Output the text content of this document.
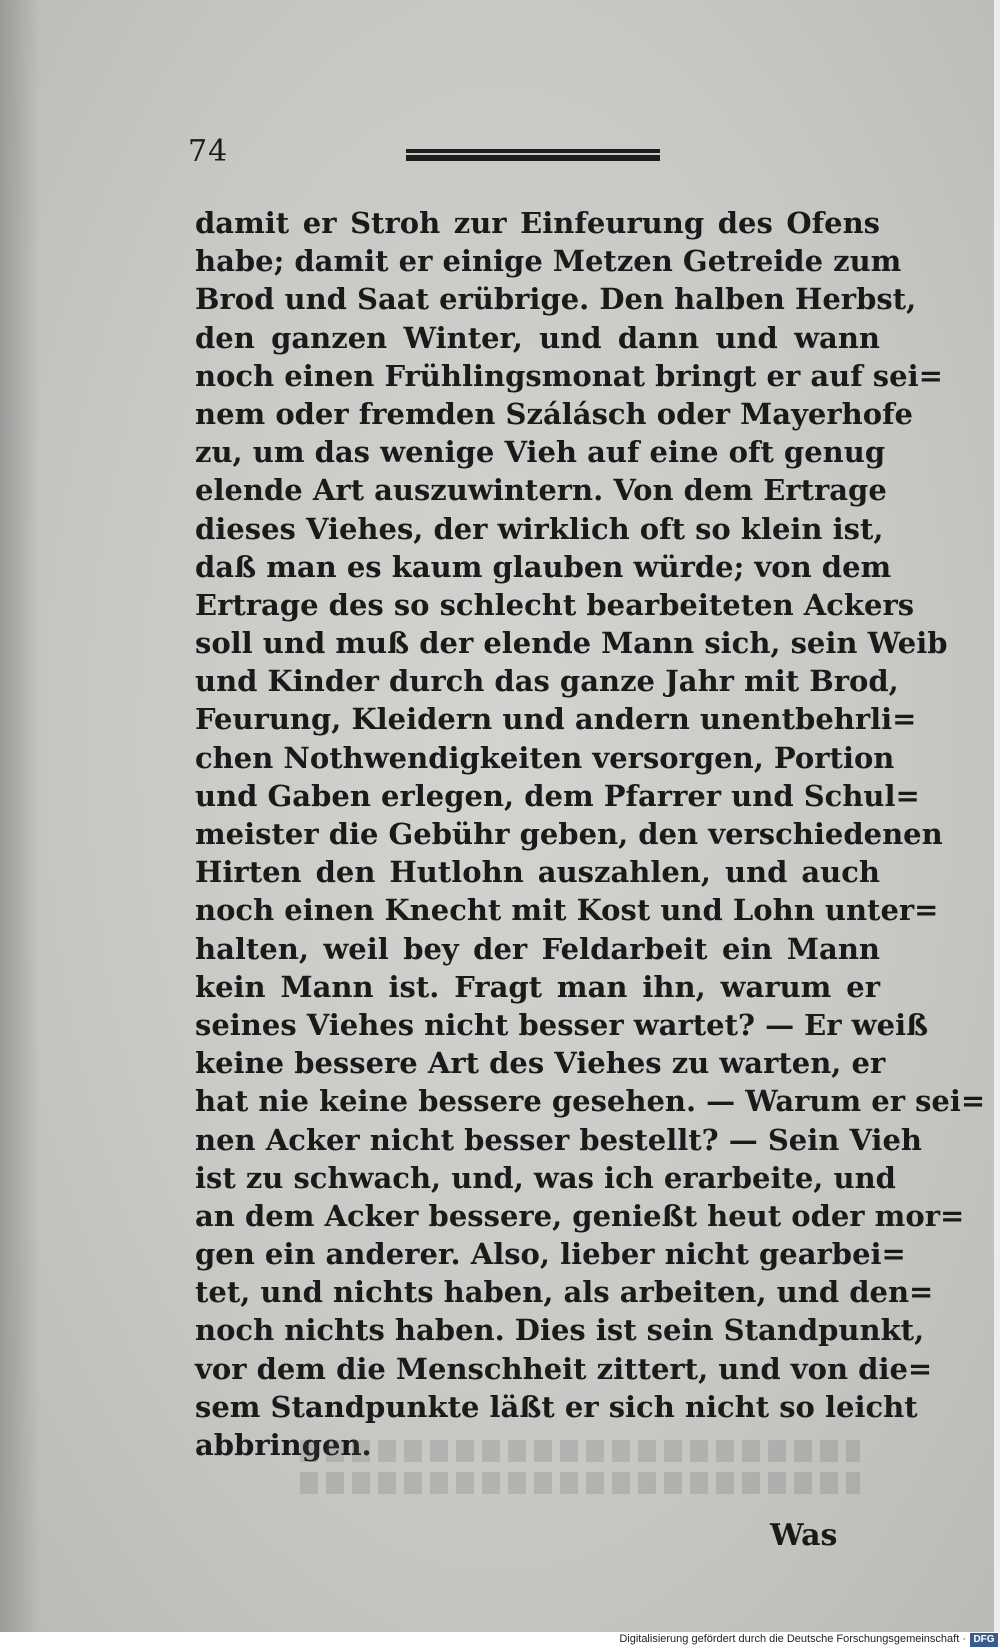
74
damit er Stroh zur Einfeurung des Ofens
habe; damit er einige Metzen Getreide zum
Brod und Saat erübrige. Den halben Herbst,
den ganzen Winter, und dann und wann
noch einen Frühlingsmonat bringt er auf sei=
nem oder fremden Szálásch oder Mayerhofe
zu, um das wenige Vieh auf eine oft genug
elende Art auszuwintern. Von dem Ertrage
dieses Viehes, der wirklich oft so klein ist,
daß man es kaum glauben würde; von dem
Ertrage des so schlecht bearbeiteten Ackers
soll und muß der elende Mann sich, sein Weib
und Kinder durch das ganze Jahr mit Brod,
Feurung, Kleidern und andern unentbehrli=
chen Nothwendigkeiten versorgen, Portion
und Gaben erlegen, dem Pfarrer und Schul=
meister die Gebühr geben, den verschiedenen
Hirten den Hutlohn auszahlen, und auch
noch einen Knecht mit Kost und Lohn unter=
halten, weil bey der Feldarbeit ein Mann
kein Mann ist. Fragt man ihn, warum er
seines Viehes nicht besser wartet? — Er weiß
keine bessere Art des Viehes zu warten, er
hat nie keine bessere gesehen. — Warum er sei=
nen Acker nicht besser bestellt? — Sein Vieh
ist zu schwach, und, was ich erarbeite, und
an dem Acker bessere, genießt heut oder mor=
gen ein anderer. Also, lieber nicht gearbei=
tet, und nichts haben, als arbeiten, und den=
noch nichts haben. Dies ist sein Standpunkt,
vor dem die Menschheit zittert, und von die=
sem Standpunkte läßt er sich nicht so leicht
abbringen.
Was
Digitalisierung gefördert durch die Deutsche Forschungsgemeinschaft · DFG
